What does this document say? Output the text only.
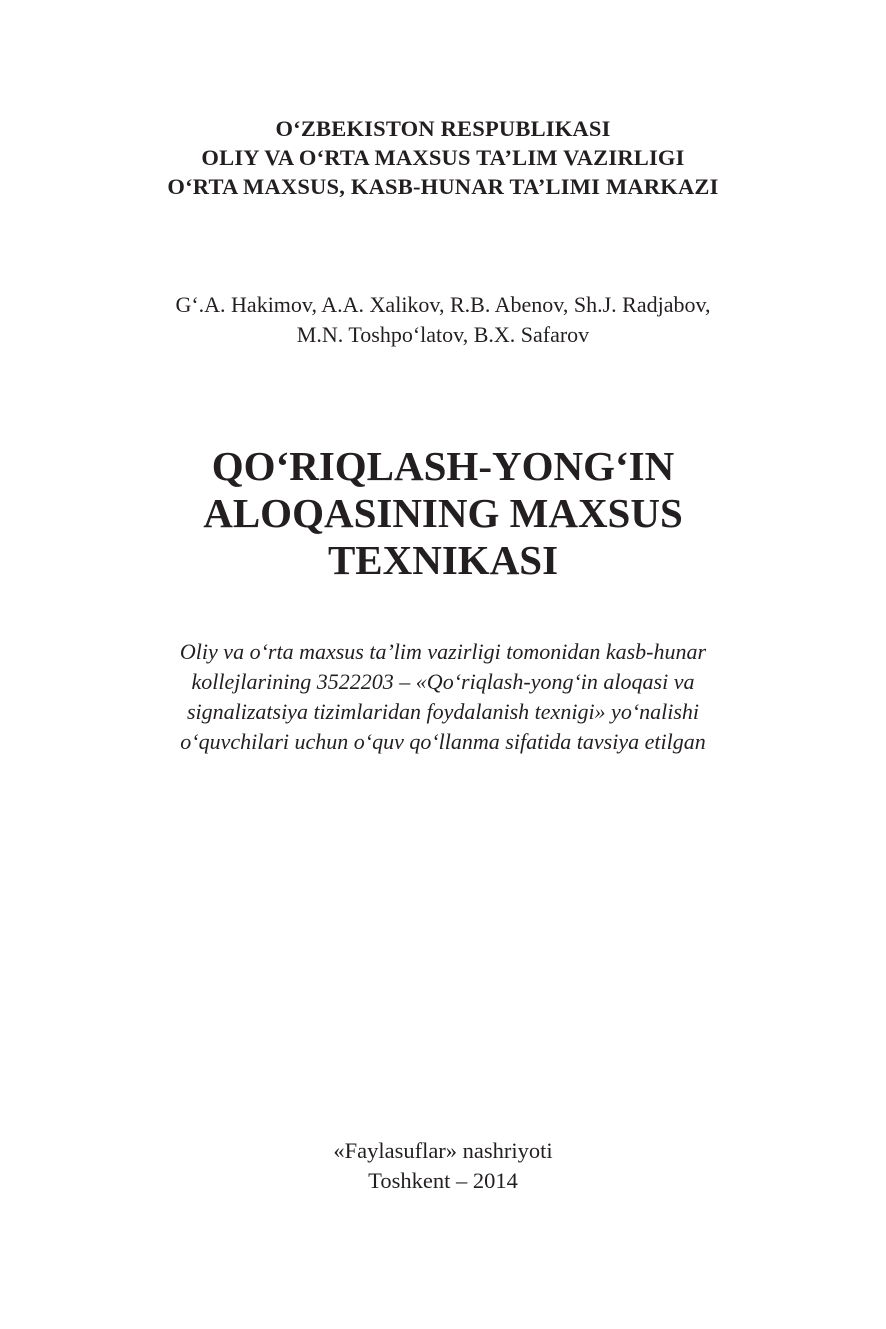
O‘ZBEKISTON RESPUBLIKASI
OLIY VA O‘RTA MAXSUS TA’LIM VAZIRLIGI
O‘RTA MAXSUS, KASB-HUNAR TA’LIMI MARKAZI
G‘.A. Hakimov, A.A. Xalikov, R.B. Abenov, Sh.J. Radjabov,
M.N. Toshpo‘latov, B.X. Safarov
QO‘RIQLASH-YONG‘IN
ALOQASINING MAXSUS
TEXNIKASI
Oliy va o‘rta maxsus ta’lim vazirligi tomonidan kasb-hunar
kollejlarining 3522203 – «Qo‘riqlash-yong‘in aloqasi va
signalizatsiya tizimlaridan foydalanish texnigi» yo‘nalishi
o‘quvchilari uchun o‘quv qo‘llanma sifatida tavsiya etilgan
«Faylasuflar» nashriyoti
Toshkent – 2014
